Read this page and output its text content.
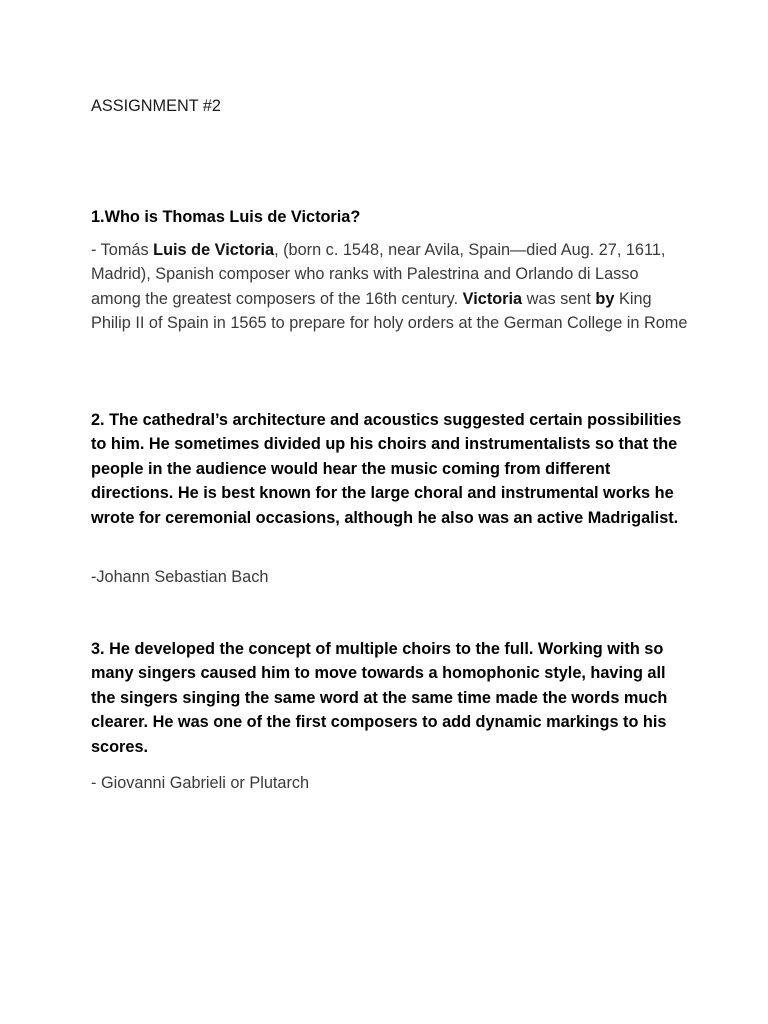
ASSIGNMENT #2

1.Who is Thomas Luis de Victoria?

- Tomás Luis de Victoria, (born c. 1548, near Avila, Spain—died Aug. 27, 1611, Madrid), Spanish composer who ranks with Palestrina and Orlando di Lasso among the greatest composers of the 16th century. Victoria was sent by King Philip II of Spain in 1565 to prepare for holy orders at the German College in Rome

2. The cathedral’s architecture and acoustics suggested certain possibilities to him. He sometimes divided up his choirs and instrumentalists so that the people in the audience would hear the music coming from different directions. He is best known for the large choral and instrumental works he wrote for ceremonial occasions, although he also was an active Madrigalist.

-Johann Sebastian Bach

3. He developed the concept of multiple choirs to the full. Working with so many singers caused him to move towards a homophonic style, having all the singers singing the same word at the same time made the words much clearer. He was one of the first composers to add dynamic markings to his scores.

- Giovanni Gabrieli or Plutarch
